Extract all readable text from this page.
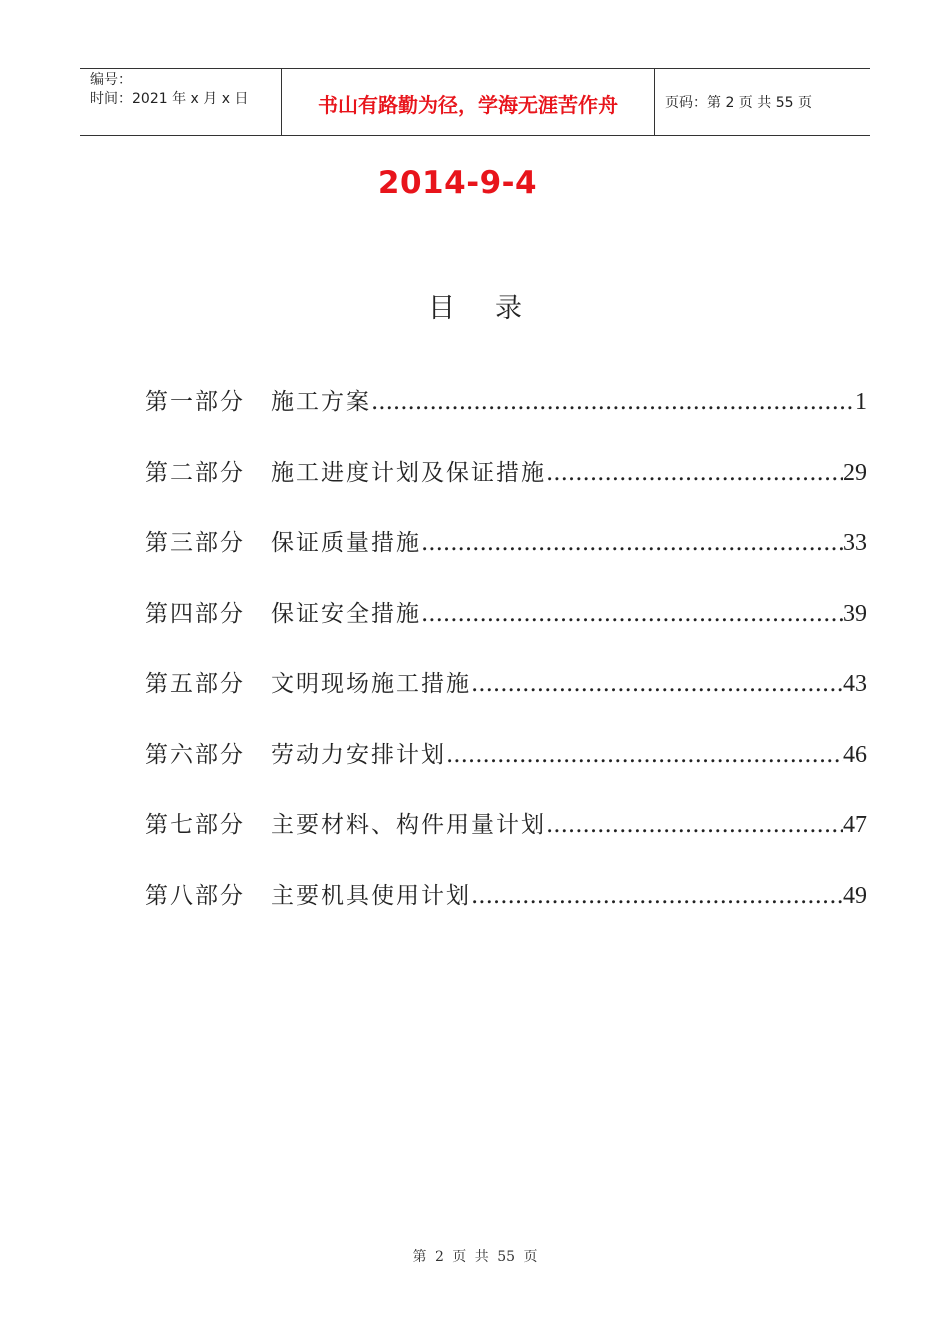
编号：
时间：2021 年 x 月 x 日	书山有路勤为径，学海无涯苦作舟	页码：第 2 页 共 55 页
2014-9-4
目 录
第一部分	施工方案 .....	1
第二部分	施工进度计划及保证措施 .....	29
第三部分	保证质量措施 .....	33
第四部分	保证安全措施 .....	39
第五部分	文明现场施工措施 .....	43
第六部分	劳动力安排计划 .....	46
第七部分	主要材料、构件用量计划 .....	47
第八部分	主要机具使用计划 .....	49
第 2 页 共 55 页
